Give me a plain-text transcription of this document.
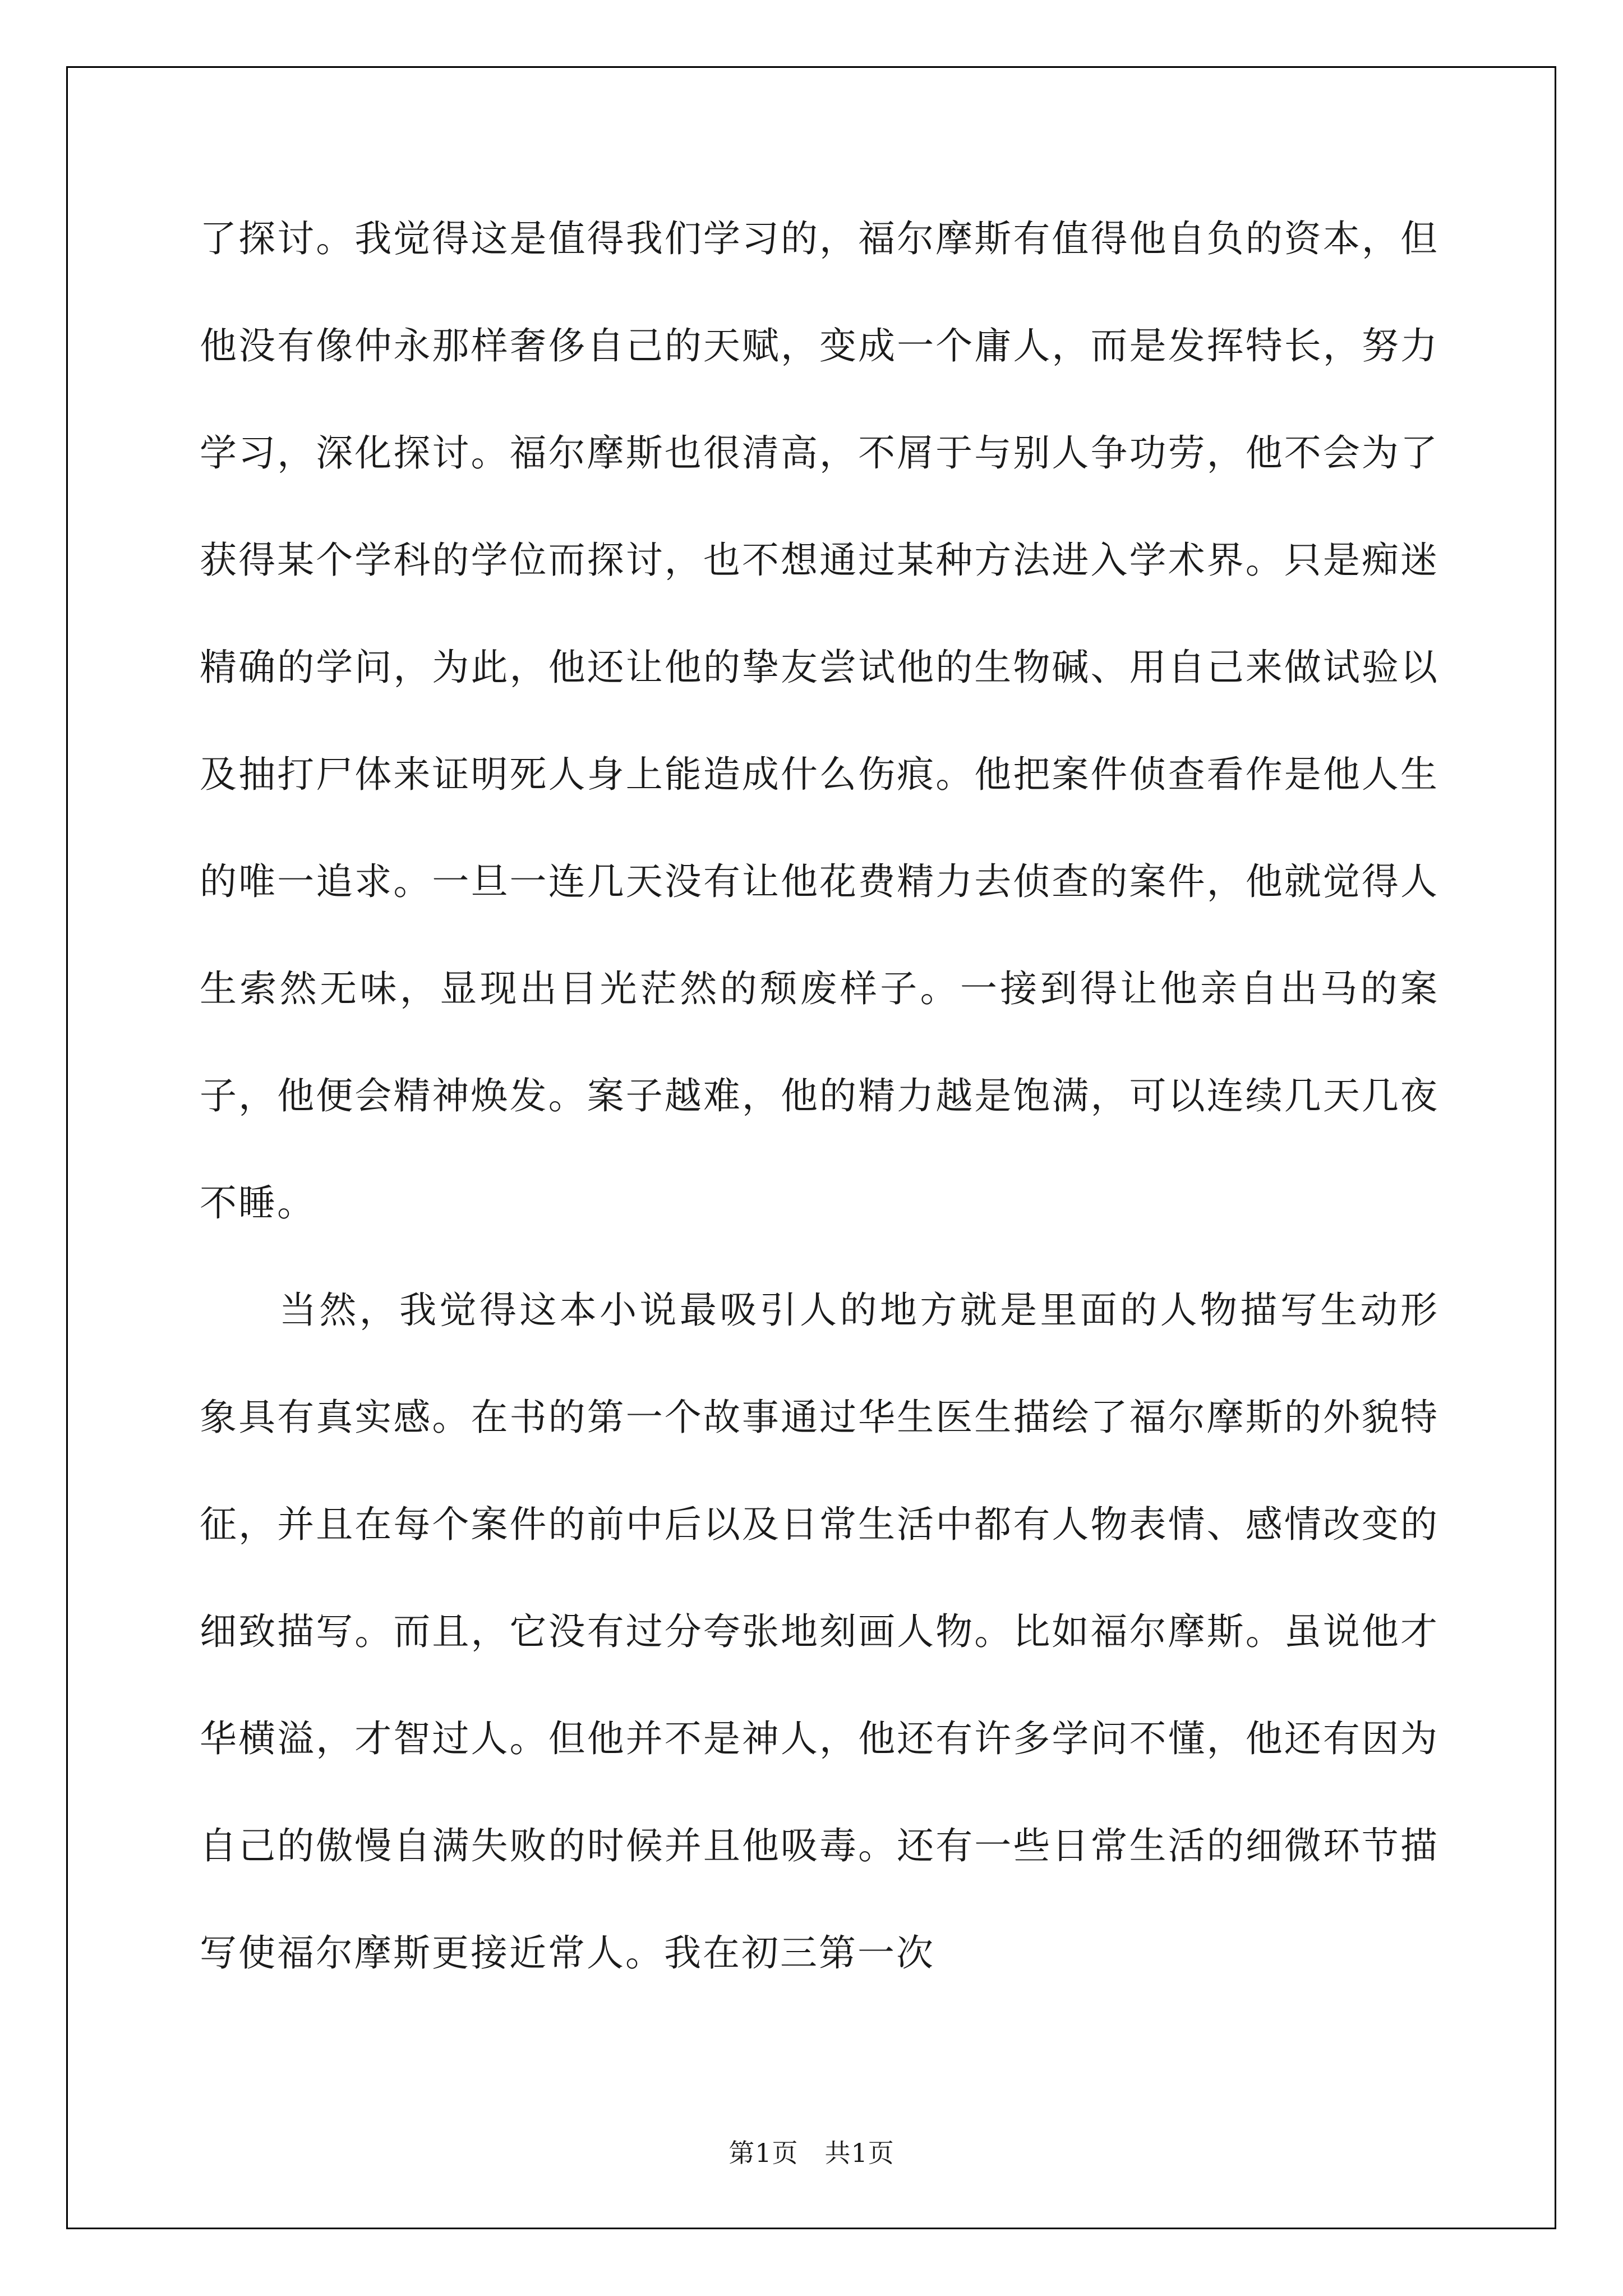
了探讨。我觉得这是值得我们学习的，福尔摩斯有值得他自负的资本，但他没有像仲永那样奢侈自己的天赋，变成一个庸人，而是发挥特长，努力学习，深化探讨。福尔摩斯也很清高，不屑于与别人争功劳，他不会为了获得某个学科的学位而探讨，也不想通过某种方法进入学术界。只是痴迷精确的学问，为此，他还让他的挚友尝试他的生物碱、用自己来做试验以及抽打尸体来证明死人身上能造成什么伤痕。他把案件侦查看作是他人生的唯一追求。一旦一连几天没有让他花费精力去侦查的案件，他就觉得人生索然无味，显现出目光茫然的颓废样子。一接到得让他亲自出马的案子，他便会精神焕发。案子越难，他的精力越是饱满，可以连续几天几夜不睡。

当然，我觉得这本小说最吸引人的地方就是里面的人物描写生动形象具有真实感。在书的第一个故事通过华生医生描绘了福尔摩斯的外貌特征，并且在每个案件的前中后以及日常生活中都有人物表情、感情改变的细致描写。而且，它没有过分夸张地刻画人物。比如福尔摩斯。虽说他才华横溢，才智过人。但他并不是神人，他还有许多学问不懂，他还有因为自己的傲慢自满失败的时候并且他吸毒。还有一些日常生活的细微环节描写使福尔摩斯更接近常人。我在初三第一次

第1页　共1页
